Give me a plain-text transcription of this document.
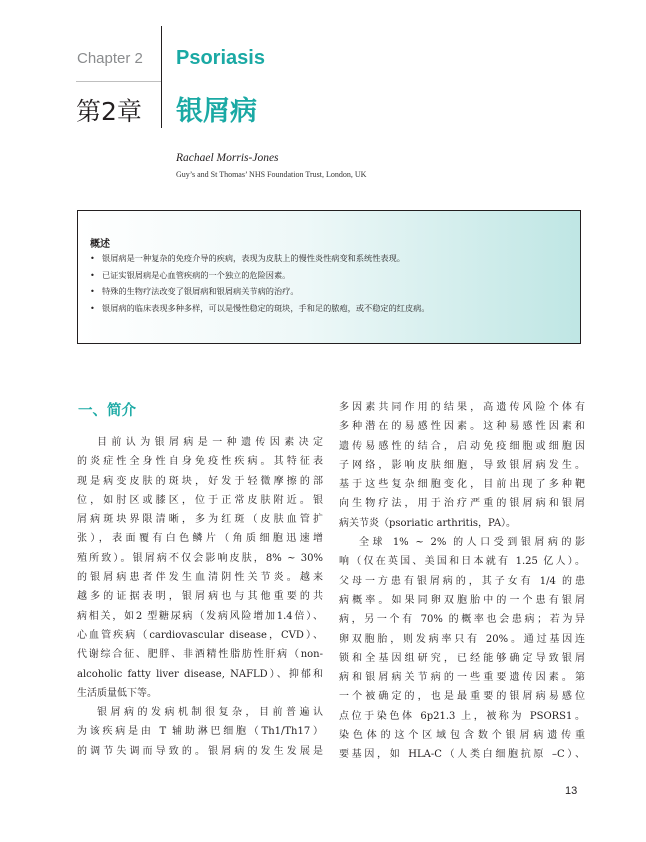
Chapter 2 Psoriasis
第2章 银屑病
Rachael Morris-Jones
Guy’s and St Thomas’ NHS Foundation Trust, London, UK
概述
• 银屑病是一种复杂的免疫介导的疾病，表现为皮肤上的慢性炎性病变和系统性表现。
• 已证实银屑病是心血管疾病的一个独立的危险因素。
• 特殊的生物疗法改变了银屑病和银屑病关节病的治疗。
• 银屑病的临床表现多种多样，可以是慢性稳定的斑块，手和足的脓疱，或不稳定的红皮病。
一、简介
目前认为银屑病是一种遗传因素决定
的炎症性全身性自身免疫性疾病。其特征表
现是病变皮肤的斑块，好发于轻微摩擦的部
位，如肘区或膝区，位于正常皮肤附近。银
屑病斑块界限清晰，多为红斑（皮肤血管扩
张），表面覆有白色鳞片（角质细胞迅速增
殖所致）。银屑病不仅会影响皮肤，8% ~ 30%
的银屑病患者伴发生血清阴性关节炎。越来
越多的证据表明，银屑病也与其他重要的共
病相关，如2 型糖尿病（发病风险增加1.4倍）、
心血管疾病（cardiovascular disease，CVD）、
代谢综合征、肥胖、非酒精性脂肪性肝病（non-
alcoholic fatty liver disease, NAFLD）、抑郁和
生活质量低下等。
银屑病的发病机制很复杂，目前普遍认
为该疾病是由 T 辅助淋巴细胞（Th1/Th17）
的调节失调而导致的。银屑病的发生发展是
多因素共同作用的结果，高遗传风险个体有
多种潜在的易感性因素。这种易感性因素和
遗传易感性的结合，启动免疫细胞或细胞因
子网络，影响皮肤细胞，导致银屑病发生。
基于这些复杂细胞变化，目前出现了多种靶
向生物疗法，用于治疗严重的银屑病和银屑
病关节炎（psoriatic arthritis，PA）。
全球 1% ~ 2% 的人口受到银屑病的影
响（仅在英国、美国和日本就有 1.25 亿人）。
父母一方患有银屑病的，其子女有 1/4 的患
病概率。如果同卵双胞胎中的一个患有银屑
病，另一个有 70% 的概率也会患病；若为异
卵双胞胎，则发病率只有 20%。通过基因连
锁和全基因组研究，已经能够确定导致银屑
病和银屑病关节病的一些重要遗传因素。第
一个被确定的，也是最重要的银屑病易感位
点位于染色体 6p21.3 上，被称为 PSORS1。
染色体的这个区域包含数个银屑病遗传重
要基因，如 HLA-C（人类白细胞抗原 –C）、
13
